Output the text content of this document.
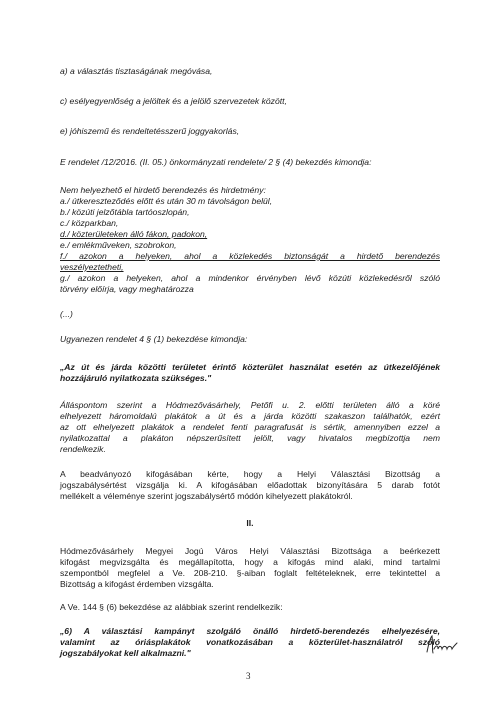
a) a választás tisztaságának megóvása,
c) esélyegyenlőség a jelöltek és a jelölő szervezetek között,
e) jóhiszemű és rendeltetésszerű joggyakorlás,
E rendelet /12/2016. (II. 05.) önkormányzati rendelete/ 2 § (4) bekezdés kimondja:
Nem helyezhető el hirdető berendezés és hirdetmény:
a./ útkereszteződés előtt és után 30 m távolságon belül,
b./ közúti jelzőtábla tartóoszlopán,
c./ közparkban,
d./ közterületeken álló fákon, padokon,
e./ emlékműveken, szobrokon,
f./ azokon a helyeken, ahol a közlekedés biztonságát a hirdető berendezés
veszélyeztetheti,
g./ azokon a helyeken, ahol a mindenkor érvényben lévő közúti közlekedésről szóló
törvény előírja, vagy meghatározza
(...)
Ugyanezen rendelet 4 § (1) bekezdése kimondja:
„Az út és járda közötti területet érintő közterület használat esetén az útkezelőjének
hozzájáruló nyilatkozata szükséges."
Álláspontom szerint a Hódmezővásárhely, Petőfi u. 2. előtti területen álló a köré
elhelyezett háromoldalú plakátok a út és a járda közötti szakaszon találhatók, ezért
az ott elhelyezett plakátok a rendelet fenti paragrafusát is sértik, amennyiben ezzel a
nyilatkozattal a plakáton népszerűsített jelölt, vagy hivatalos megbízottja nem
rendelkezik.
A beadványozó kifogásában kérte, hogy a Helyi Választási Bizottság a
jogszabálysértést vizsgálja ki. A kifogásában előadottak bizonyítására 5 darab fotót
mellékelt a véleménye szerint jogszabálysértő módón kihelyezett plakátokról.
II.
Hódmezővásárhely Megyei Jogú Város Helyi Választási Bizottsága a beérkezett
kifogást megvizsgálta és megállapította, hogy a kifogás mind alaki, mind tartalmi
szempontból megfelel a Ve. 208-210. §-aiban foglalt feltételeknek, erre tekintettel a
Bizottság a kifogást érdemben vizsgálta.
A Ve. 144 § (6) bekezdése az alábbiak szerint rendelkezik:
„6) A választási kampányt szolgáló önálló hirdető-berendezés elhelyezésére,
valamint az óriásplakátok vonatkozásában a közterület-használatról szóló
jogszabályokat kell alkalmazni."
3
